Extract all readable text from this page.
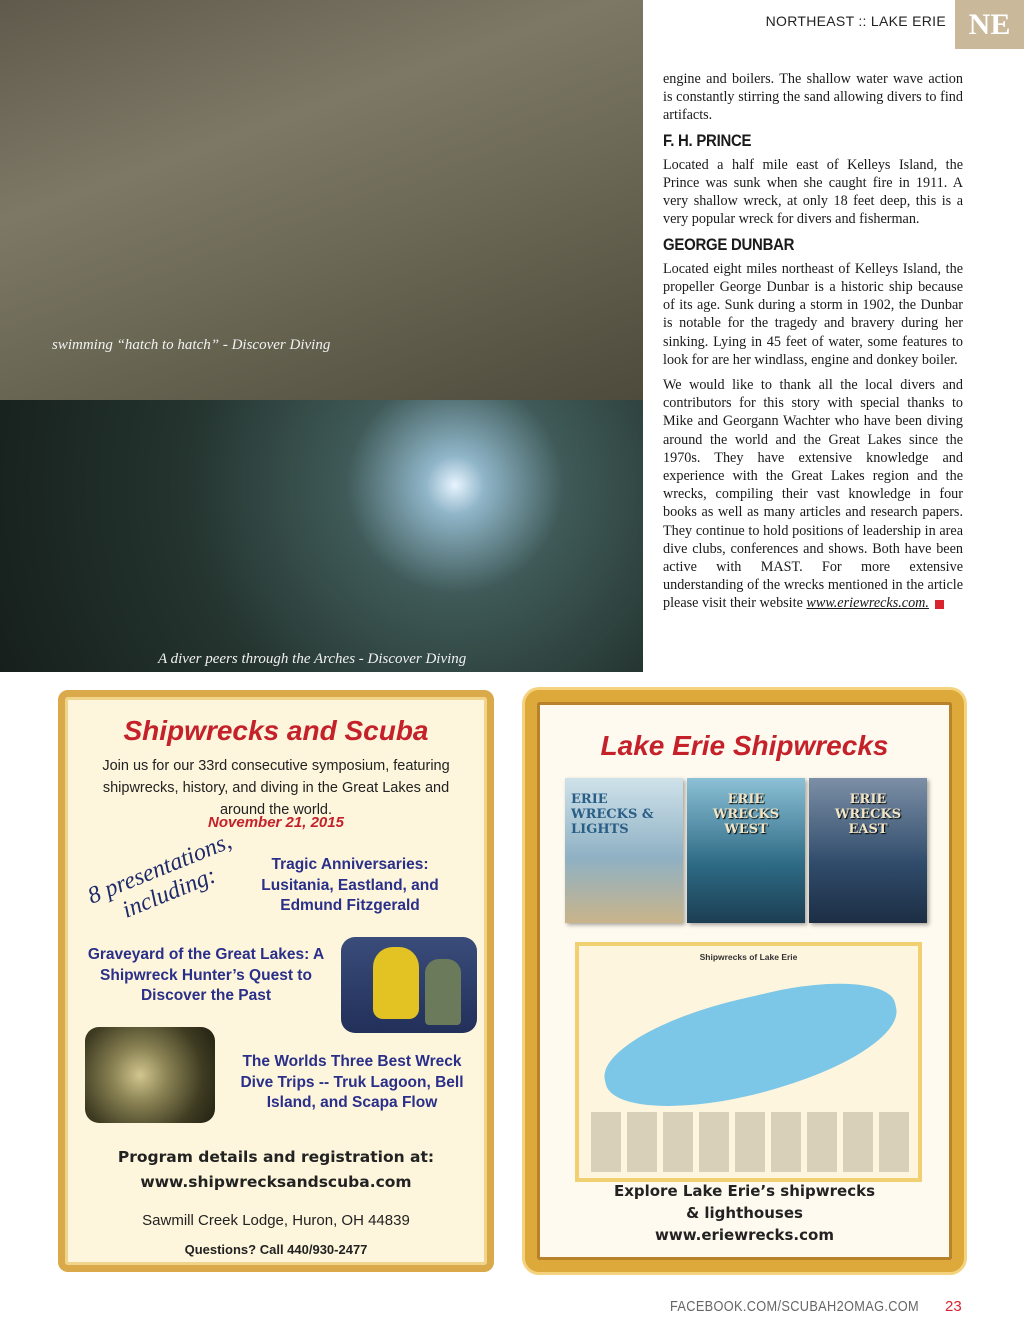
swimming “hatch to hatch” - Discover Diving
A diver peers through the Arches - Discover Diving
NORTHEAST :: LAKE ERIE NE

engine and boilers. The shallow water wave action is constantly stirring the sand allowing divers to find artifacts.

F. H. PRINCE

Located a half mile east of Kelleys Island, the Prince was sunk when she caught fire in 1911. A very shallow wreck, at only 18 feet deep, this is a very popular wreck for divers and fisherman.

GEORGE DUNBAR

Located eight miles northeast of Kelleys Island, the propeller George Dunbar is a historic ship because of its age. Sunk during a storm in 1902, the Dunbar is notable for the tragedy and bravery during her sinking. Lying in 45 feet of water, some features to look for are her windlass, engine and donkey boiler.

We would like to thank all the local divers and contributors for this story with special thanks to Mike and Georgann Wachter who have been diving around the world and the Great Lakes since the 1970s. They have extensive knowledge and experience with the Great Lakes region and the wrecks, compiling their vast knowledge in four books as well as many articles and research papers. They continue to hold positions of leadership in area dive clubs, conferences and shows. Both have been active with MAST. For more extensive understanding of the wrecks mentioned in the article please visit their website www.eriewrecks.com.

Shipwrecks and Scuba
Join us for our 33rd consecutive symposium, featuring shipwrecks, history, and diving in the Great Lakes and around the world.
November 21, 2015
8 presentations, including:	Tragic Anniversaries: Lusitania, Eastland, and Edmund Fitzgerald
Graveyard of the Great Lakes: A Shipwreck Hunter’s Quest to Discover the Past
The Worlds Three Best Wreck Dive Trips -- Truk Lagoon, Bell Island, and Scapa Flow
Program details and registration at:
www.shipwrecksandscuba.com
Sawmill Creek Lodge, Huron, OH 44839
Questions? Call 440/930-2477
Lake Erie Shipwrecks
ERIE WRECKS & LIGHTS
ERIE WRECKS WEST
ERIE WRECKS EAST
Shipwrecks of Lake Erie
Explore Lake Erie’s shipwrecks
& lighthouses
www.eriewrecks.com
FACEBOOK.COM/SCUBAH2OMAG.COM 23
